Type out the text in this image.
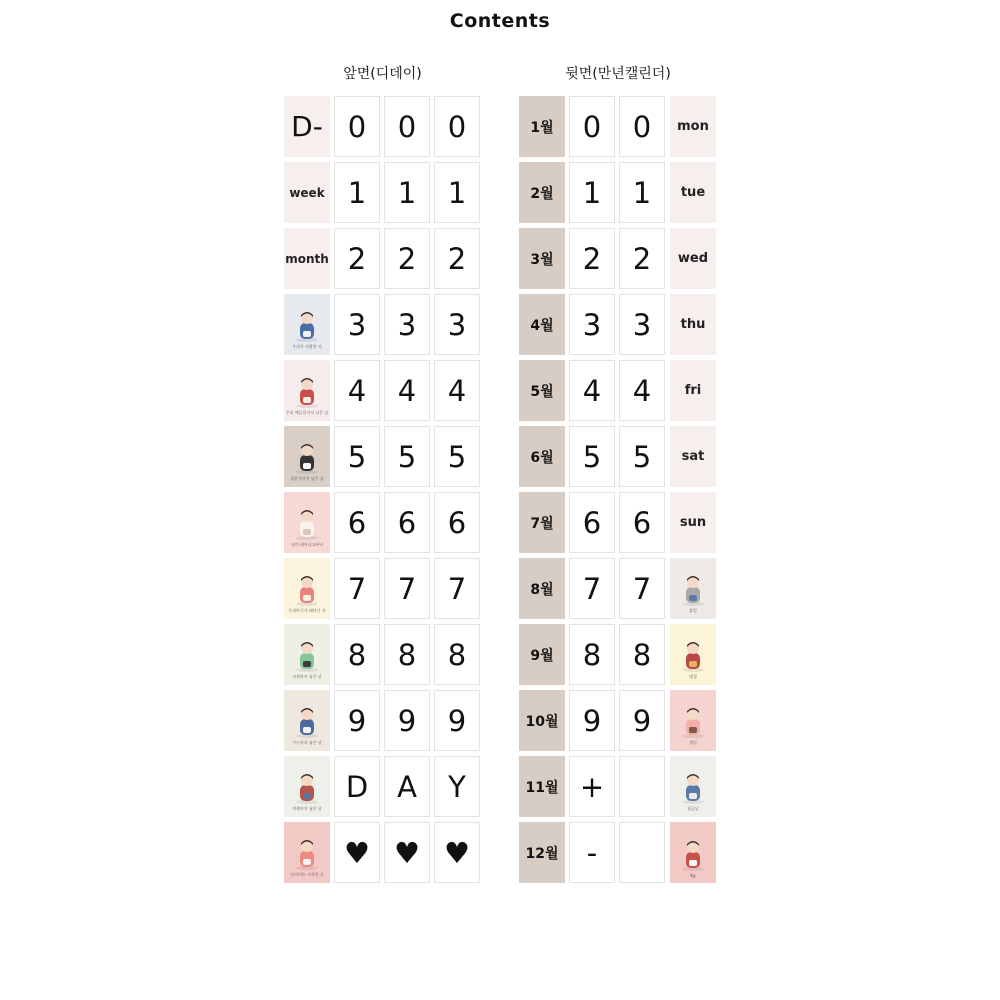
Contents
앞면(디데이)	뒷면(만년캘린더)
D- 0 0 0
week 1 1 1
month 2 2 2
우리가 사랑한 지
3 3 3
우리 애들일이지 남은 날
4 4 4
결혼식까지 남은 날
5 5 5
내가 태어나고부터
6 6 6
우리아기가 태어난 지
7 7 7
시험까지 남은 날
8 8 8
수능까지 남은 날
9 9 9
여행까지 남은 날
D A Y
다이어트 시작한 지
♥ ♥ ♥
1월 0 0 mon
2월 1 1 tue
3월 2 2 wed
4월 3 3 thu
5월 4 4	fri
6월 5 5 sat
7월 6 6 sun
8월 7 7
휴일
9월 8 8
명절
10월 9 9
생일
11월 +
월급날
12월 -
Kg
